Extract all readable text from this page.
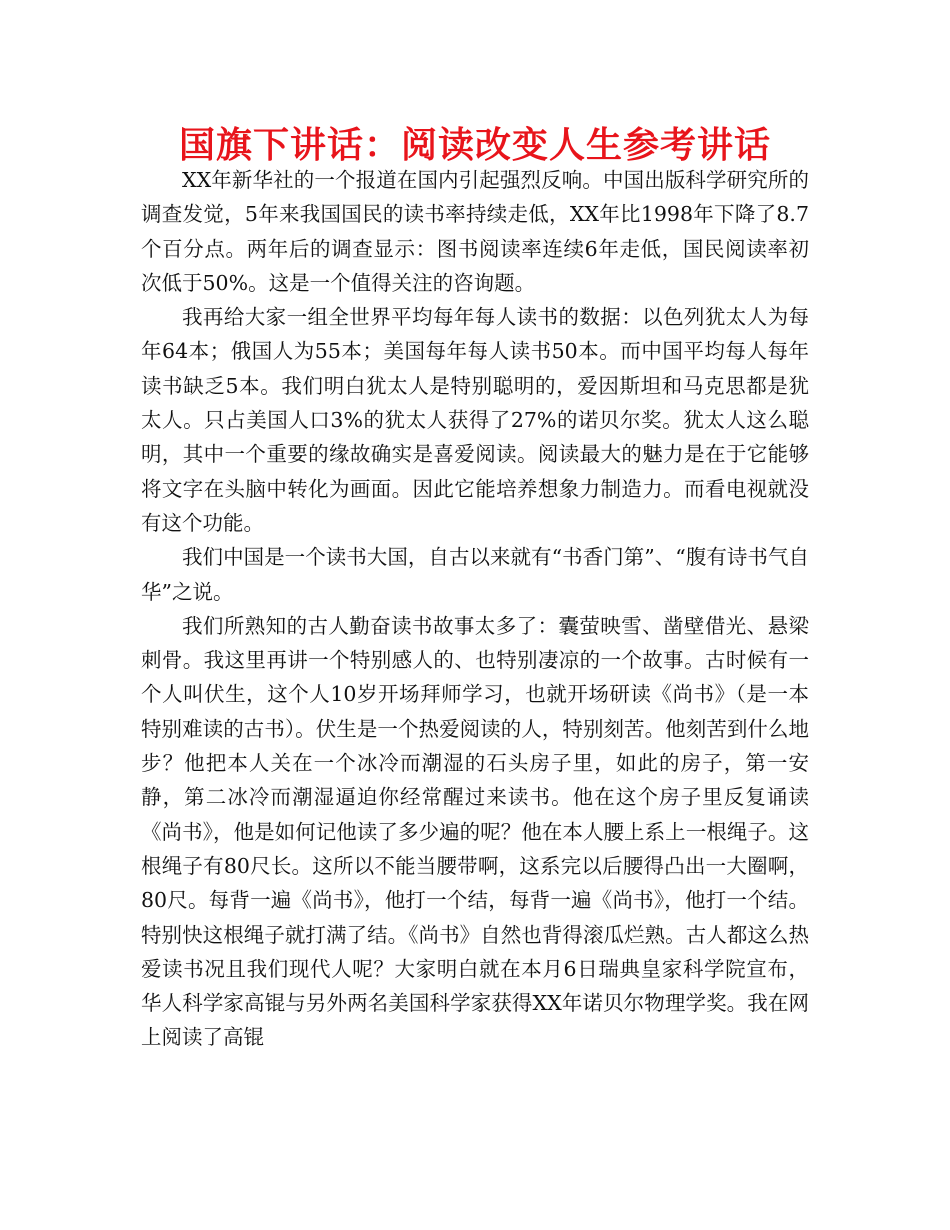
国旗下讲话：阅读改变人生参考讲话

XX年新华社的一个报道在国内引起强烈反响。中国出版科学研究所的调查发觉，5年来我国国民的读书率持续走低，XX年比1998年下降了8.7个百分点。两年后的调查显示：图书阅读率连续6年走低，国民阅读率初次低于50%。这是一个值得关注的咨询题。

我再给大家一组全世界平均每年每人读书的数据：以色列犹太人为每年64本；俄国人为55本；美国每年每人读书50本。而中国平均每人每年读书缺乏5本。我们明白犹太人是特别聪明的，爱因斯坦和马克思都是犹太人。只占美国人口3%的犹太人获得了27%的诺贝尔奖。犹太人这么聪明，其中一个重要的缘故确实是喜爱阅读。阅读最大的魅力是在于它能够将文字在头脑中转化为画面。因此它能培养想象力制造力。而看电视就没有这个功能。

我们中国是一个读书大国，自古以来就有“书香门第”、“腹有诗书气自华”之说。

我们所熟知的古人勤奋读书故事太多了：囊萤映雪、凿壁借光、悬梁刺骨。我这里再讲一个特别感人的、也特别凄凉的一个故事。古时候有一个人叫伏生，这个人10岁开场拜师学习，也就开场研读《尚书》（是一本特别难读的古书）。伏生是一个热爱阅读的人，特别刻苦。他刻苦到什么地步？他把本人关在一个冰冷而潮湿的石头房子里，如此的房子，第一安静，第二冰冷而潮湿逼迫你经常醒过来读书。他在这个房子里反复诵读《尚书》，他是如何记他读了多少遍的呢？他在本人腰上系上一根绳子。这根绳子有80尺长。这所以不能当腰带啊，这系完以后腰得凸出一大圈啊，80尺。每背一遍《尚书》，他打一个结，每背一遍《尚书》，他打一个结。特别快这根绳子就打满了结。《尚书》自然也背得滚瓜烂熟。古人都这么热爱读书况且我们现代人呢？大家明白就在本月6日瑞典皇家科学院宣布，华人科学家高锟与另外两名美国科学家获得XX年诺贝尔物理学奖。我在网上阅读了高锟
